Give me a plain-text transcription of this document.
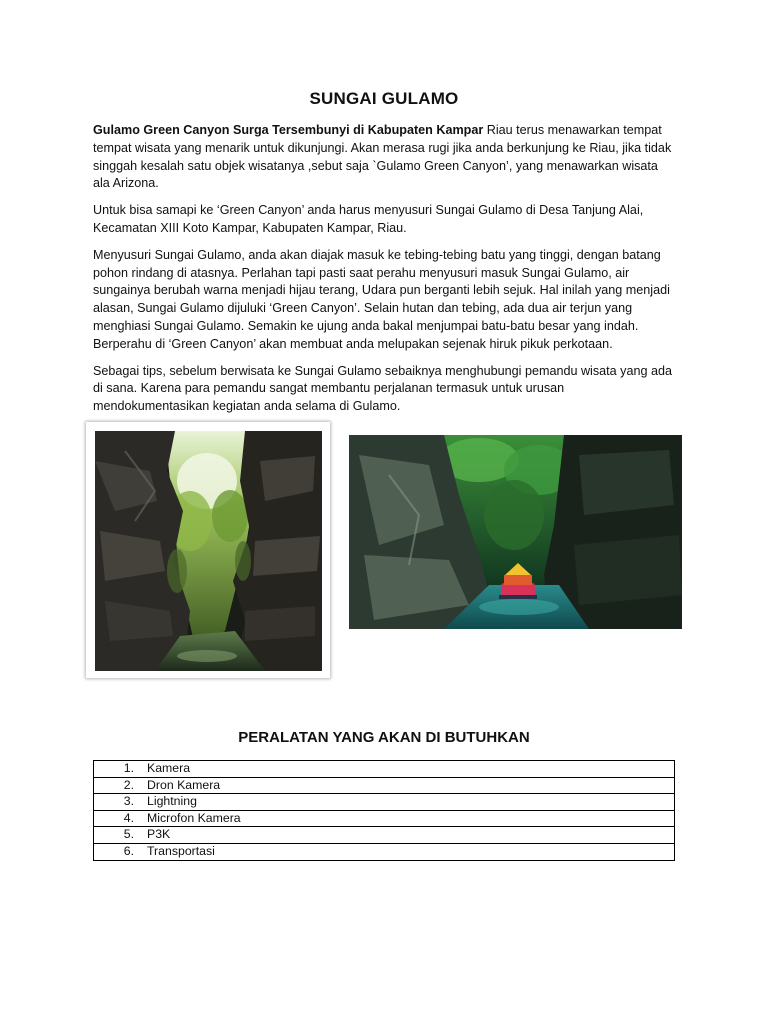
SUNGAI GULAMO

Gulamo Green Canyon Surga Tersembunyi di Kabupaten Kampar Riau terus menawarkan tempat tempat wisata yang menarik untuk dikunjungi. Akan merasa rugi jika anda berkunjung ke Riau, jika tidak singgah kesalah satu objek wisatanya ,sebut saja `Gulamo Green Canyon’, yang menawarkan wisata ala Arizona.

Untuk bisa samapi ke ‘Green Canyon’ anda harus menyusuri Sungai Gulamo di Desa Tanjung Alai, Kecamatan XIII Koto Kampar, Kabupaten Kampar, Riau.

Menyusuri Sungai Gulamo, anda akan diajak masuk ke tebing-tebing batu yang tinggi, dengan batang pohon rindang di atasnya. Perlahan tapi pasti saat perahu menyusuri masuk Sungai Gulamo, air sungainya berubah warna menjadi hijau terang, Udara pun berganti lebih sejuk. Hal inilah yang menjadi alasan, Sungai Gulamo dijuluki ‘Green Canyon’. Selain hutan dan tebing, ada dua air terjun yang menghiasi Sungai Gulamo. Semakin ke ujung anda bakal menjumpai batu-batu besar yang indah. Berperahu di ‘Green Canyon’ akan membuat anda melupakan sejenak hiruk pikuk perkotaan.

Sebagai tips, sebelum berwisata ke Sungai Gulamo sebaiknya menghubungi pemandu wisata yang ada di sana. Karena para pemandu sangat membantu perjalanan termasuk untuk urusan mendokumentasikan kegiatan anda selama di Gulamo.

PERALATAN YANG AKAN DI BUTUHKAN
1. Kamera
2. Dron Kamera
3. Lightning
4. Microfon Kamera
5. P3K
6. Transportasi
